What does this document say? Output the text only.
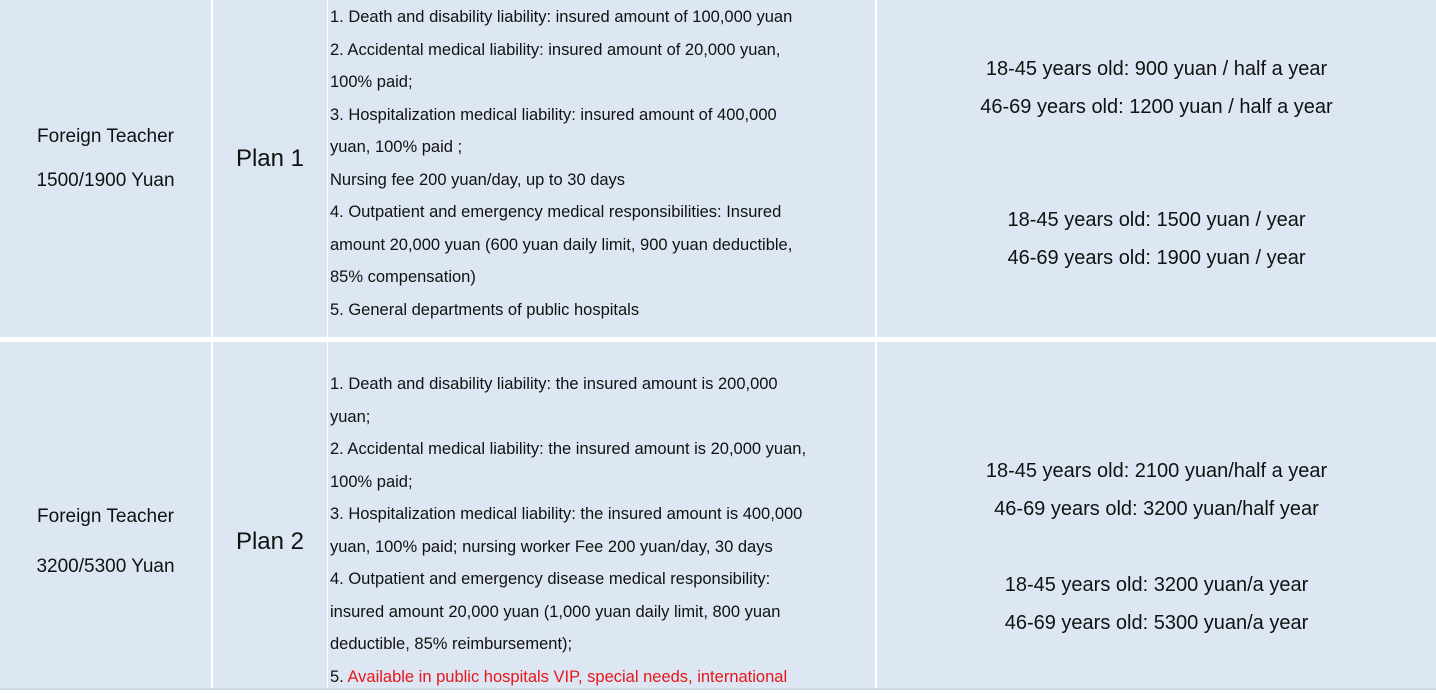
Foreign Teacher
1500/1900 Yuan
Plan 1
1. Death and disability liability: insured amount of 100,000 yuan
2. Accidental medical liability: insured amount of 20,000 yuan,
100% paid;
3. Hospitalization medical liability: insured amount of 400,000
yuan, 100% paid ;
Nursing fee 200 yuan/day, up to 30 days
4. Outpatient and emergency medical responsibilities: Insured
amount 20,000 yuan (600 yuan daily limit, 900 yuan deductible,
85% compensation)
5. General departments of public hospitals
18-45 years old: 900 yuan / half a year
46-69 years old: 1200 yuan / half a year
18-45 years old: 1500 yuan / year
46-69 years old: 1900 yuan / year
Foreign Teacher
3200/5300 Yuan
Plan 2
1. Death and disability liability: the insured amount is 200,000
yuan;
2. Accidental medical liability: the insured amount is 20,000 yuan,
100% paid;
3. Hospitalization medical liability: the insured amount is 400,000
yuan, 100% paid; nursing worker Fee 200 yuan/day, 30 days
4. Outpatient and emergency disease medical responsibility:
insured amount 20,000 yuan (1,000 yuan daily limit, 800 yuan
deductible, 85% reimbursement);
5. Available in public hospitals VIP, special needs, international
18-45 years old: 2100 yuan/half a year
46-69 years old: 3200 yuan/half year
18-45 years old: 3200 yuan/a year
46-69 years old: 5300 yuan/a year
